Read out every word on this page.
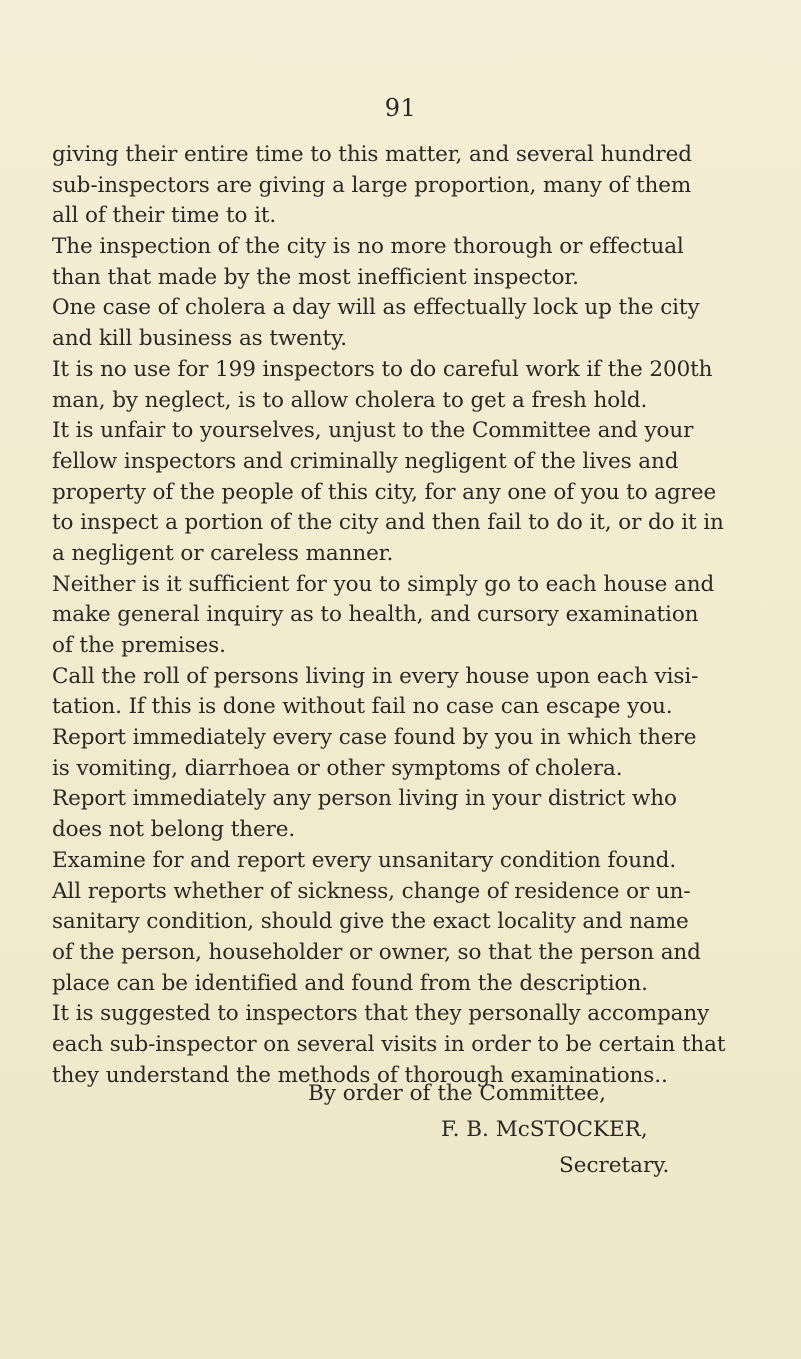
91
giving their entire time to this matter, and several hundred
sub-inspectors are giving a large proportion, many of them
all of their time to it.
The inspection of the city is no more thorough or effectual
than that made by the most inefficient inspector.
One case of cholera a day will as effectually lock up the city
and kill business as twenty.
It is no use for 199 inspectors to do careful work if the 200th
man, by neglect, is to allow cholera to get a fresh hold.
It is unfair to yourselves, unjust to the Committee and your
fellow inspectors and criminally negligent of the lives and
property of the people of this city, for any one of you to agree
to inspect a portion of the city and then fail to do it, or do it in
a negligent or careless manner.
Neither is it sufficient for you to simply go to each house and
make general inquiry as to health, and cursory examination
of the premises.
Call the roll of persons living in every house upon each visi-
tation. If this is done without fail no case can escape you.
Report immediately every case found by you in which there
is vomiting, diarrhoea or other symptoms of cholera.
Report immediately any person living in your district who
does not belong there.
Examine for and report every unsanitary condition found.
All reports whether of sickness, change of residence or un-
sanitary condition, should give the exact locality and name
of the person, householder or owner, so that the person and
place can be identified and found from the description.
It is suggested to inspectors that they personally accompany
each sub-inspector on several visits in order to be certain that
they understand the methods of thorough examinations..
By order of the Committee,
F. B. McSTOCKER,
Secretary.
